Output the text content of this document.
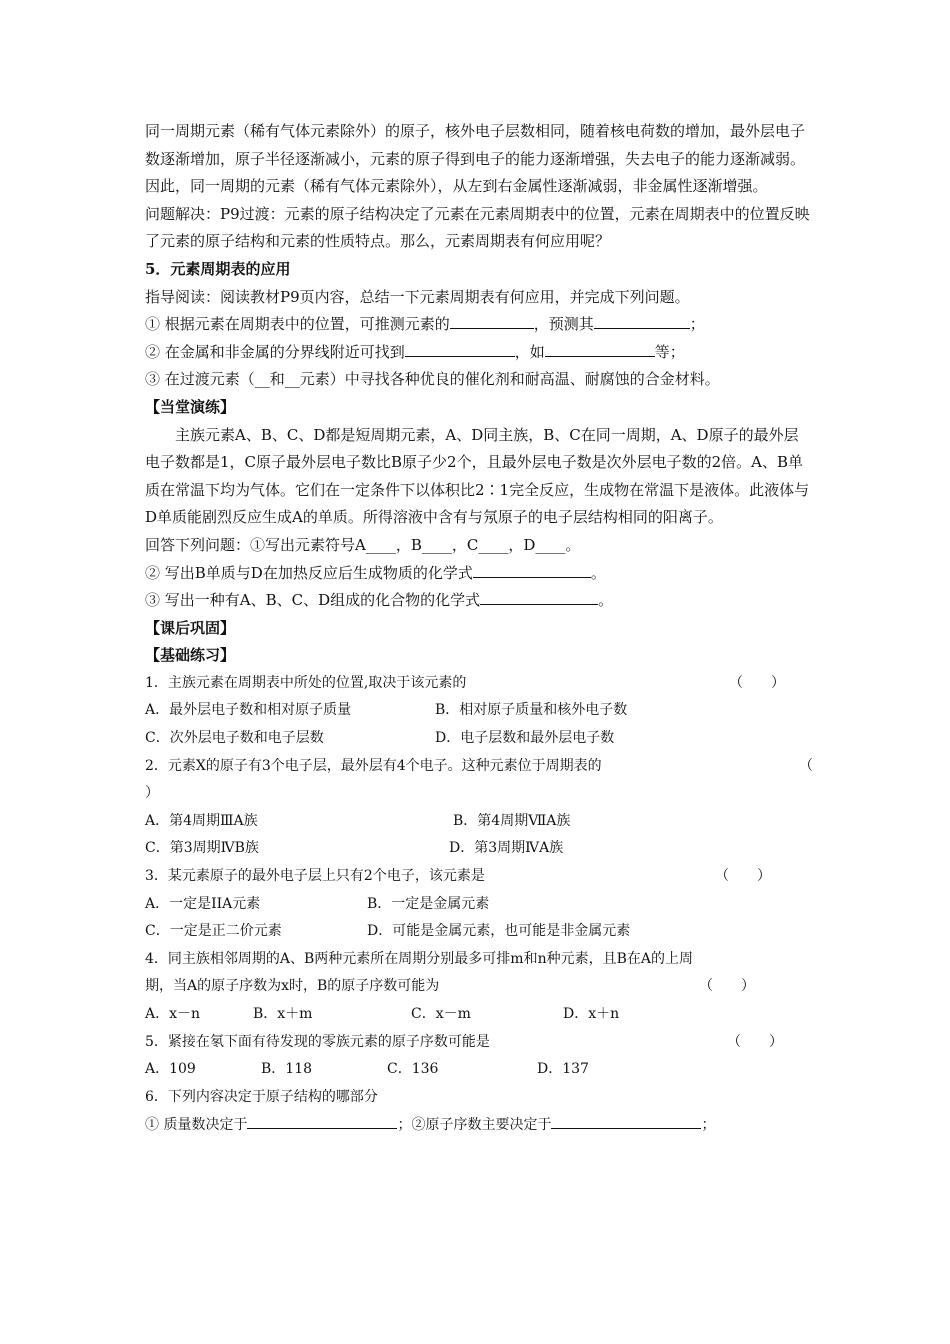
同一周期元素（稀有气体元素除外）的原子，核外电子层数相同，随着核电荷数的增加，最外层电子数逐渐增加，原子半径逐渐减小，元素的原子得到电子的能力逐渐增强，失去电子的能力逐渐减弱。因此，同一周期的元素（稀有气体元素除外），从左到右金属性逐渐减弱，非金属性逐渐增强。
问题解决：P9过渡：元素的原子结构决定了元素在元素周期表中的位置，元素在周期表中的位置反映了元素的原子结构和元素的性质特点。那么，元素周期表有何应用呢？
5．元素周期表的应用
指导阅读：阅读教材P9页内容，总结一下元素周期表有何应用，并完成下列问题。
① 根据元素在周期表中的位置，可推测元素的	，预测其	；
② 在金属和非金属的分界线附近可找到	，如	等；
③ 在过渡元素（__和__元素）中寻找各种优良的催化剂和耐高温、耐腐蚀的合金材料。
【当堂演练】
主族元素A、B、C、D都是短周期元素，A、D同主族，B、C在同一周期，A、D原子的最外层电子数都是1，C原子最外层电子数比B原子少2个，且最外层电子数是次外层电子数的2倍。A、B单质在常温下均为气体。它们在一定条件下以体积比2∶1完全反应，生成物在常温下是液体。此液体与D单质能剧烈反应生成A的单质。所得溶液中含有与氖原子的电子层结构相同的阳离子。
回答下列问题：①写出元素符号A____，B____，C____，D____。
② 写出B单质与D在加热反应后生成物质的化学式	。
③ 写出一种有A、B、C、D组成的化合物的化学式	。
【课后巩固】
【基础练习】
1．主族元素在周期表中所处的位置,取决于该元素的	（　　）
A．最外层电子数和相对原子质量	B．相对原子质量和核外电子数
C．次外层电子数和电子层数	D．电子层数和最外层电子数
2．元素X的原子有3个电子层，最外层有4个电子。这种元素位于周期表的	（
）
A．第4周期ⅢA族	B．第4周期ⅦA族
C．第3周期ⅣB族	D．第3周期ⅣA族
3．某元素原子的最外电子层上只有2个电子，该元素是	（　　）
A．一定是IIA元素	B．一定是金属元素
C．一定是正二价元素	D．可能是金属元素，也可能是非金属元素
4．同主族相邻周期的A、B两种元素所在周期分别最多可排m和n种元素，且B在A的上周
期，当A的原子序数为x时，B的原子序数可能为	（　　）
A．x－n	B．x＋m	C．x－m	D．x＋n
5．紧接在氡下面有待发现的零族元素的原子序数可能是	（　　）
A．109	B．118	C．136	D．137
6．下列内容决定于原子结构的哪部分
① 质量数决定于	；②原子序数主要决定于	；
